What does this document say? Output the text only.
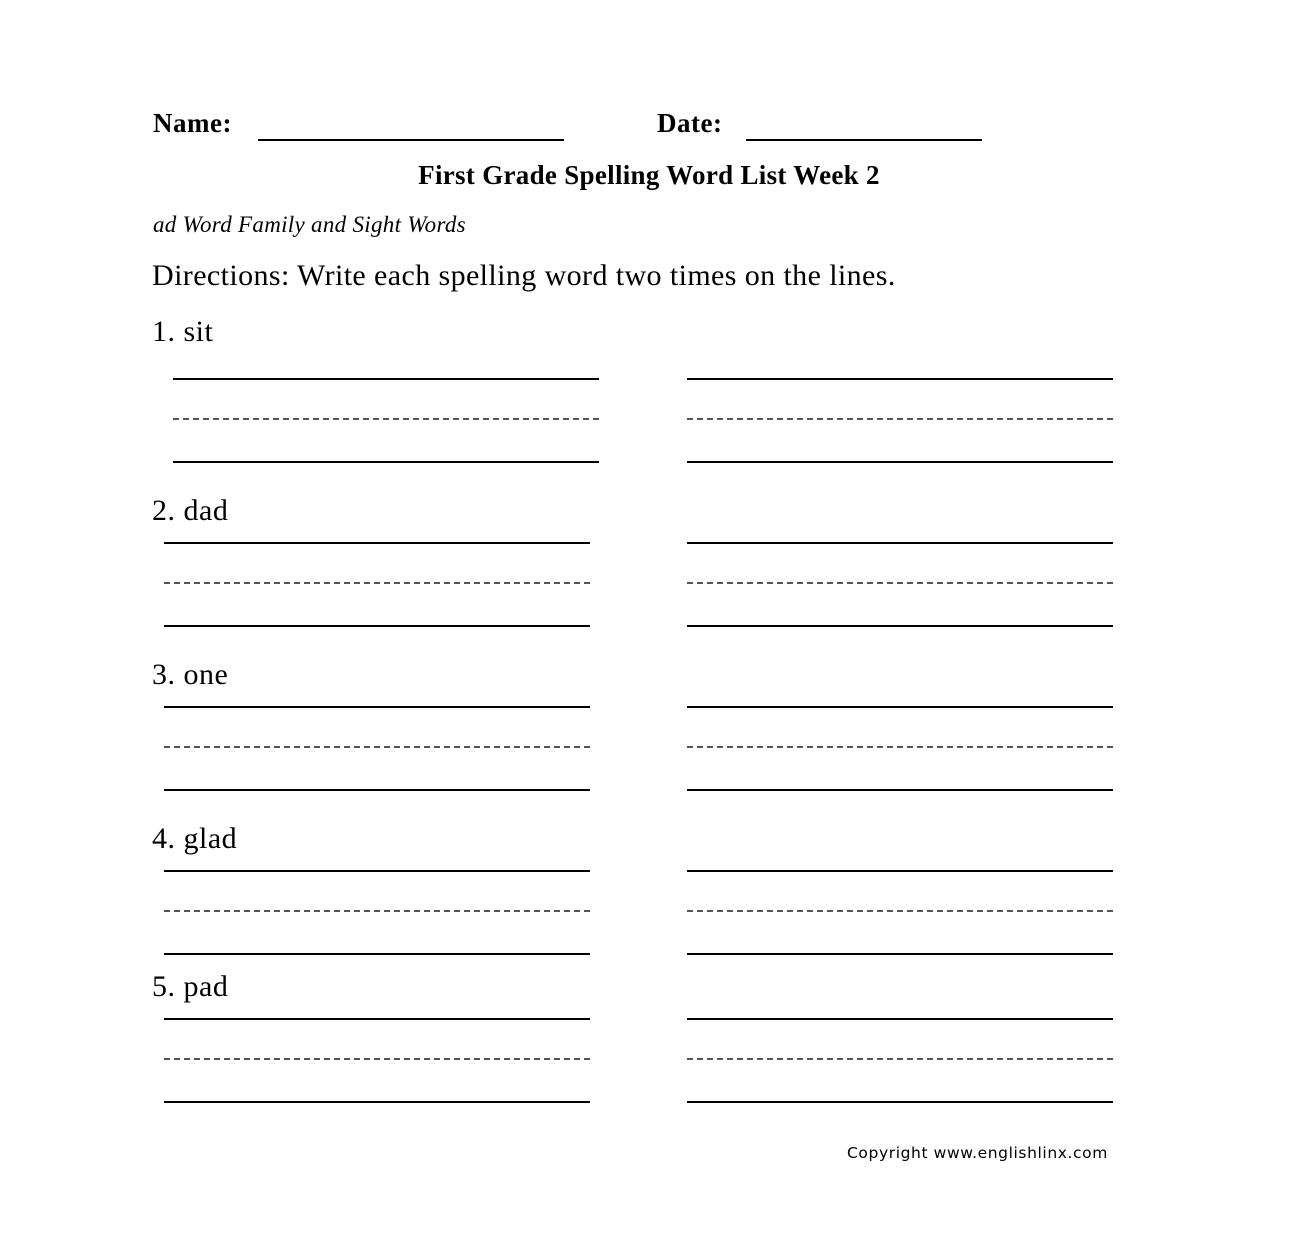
Name:	Date:
First Grade Spelling Word List Week 2
ad Word Family and Sight Words
Directions: Write each spelling word two times on the lines.
1. sit
2. dad
3. one
4. glad
5. pad
Copyright www.englishlinx.com
